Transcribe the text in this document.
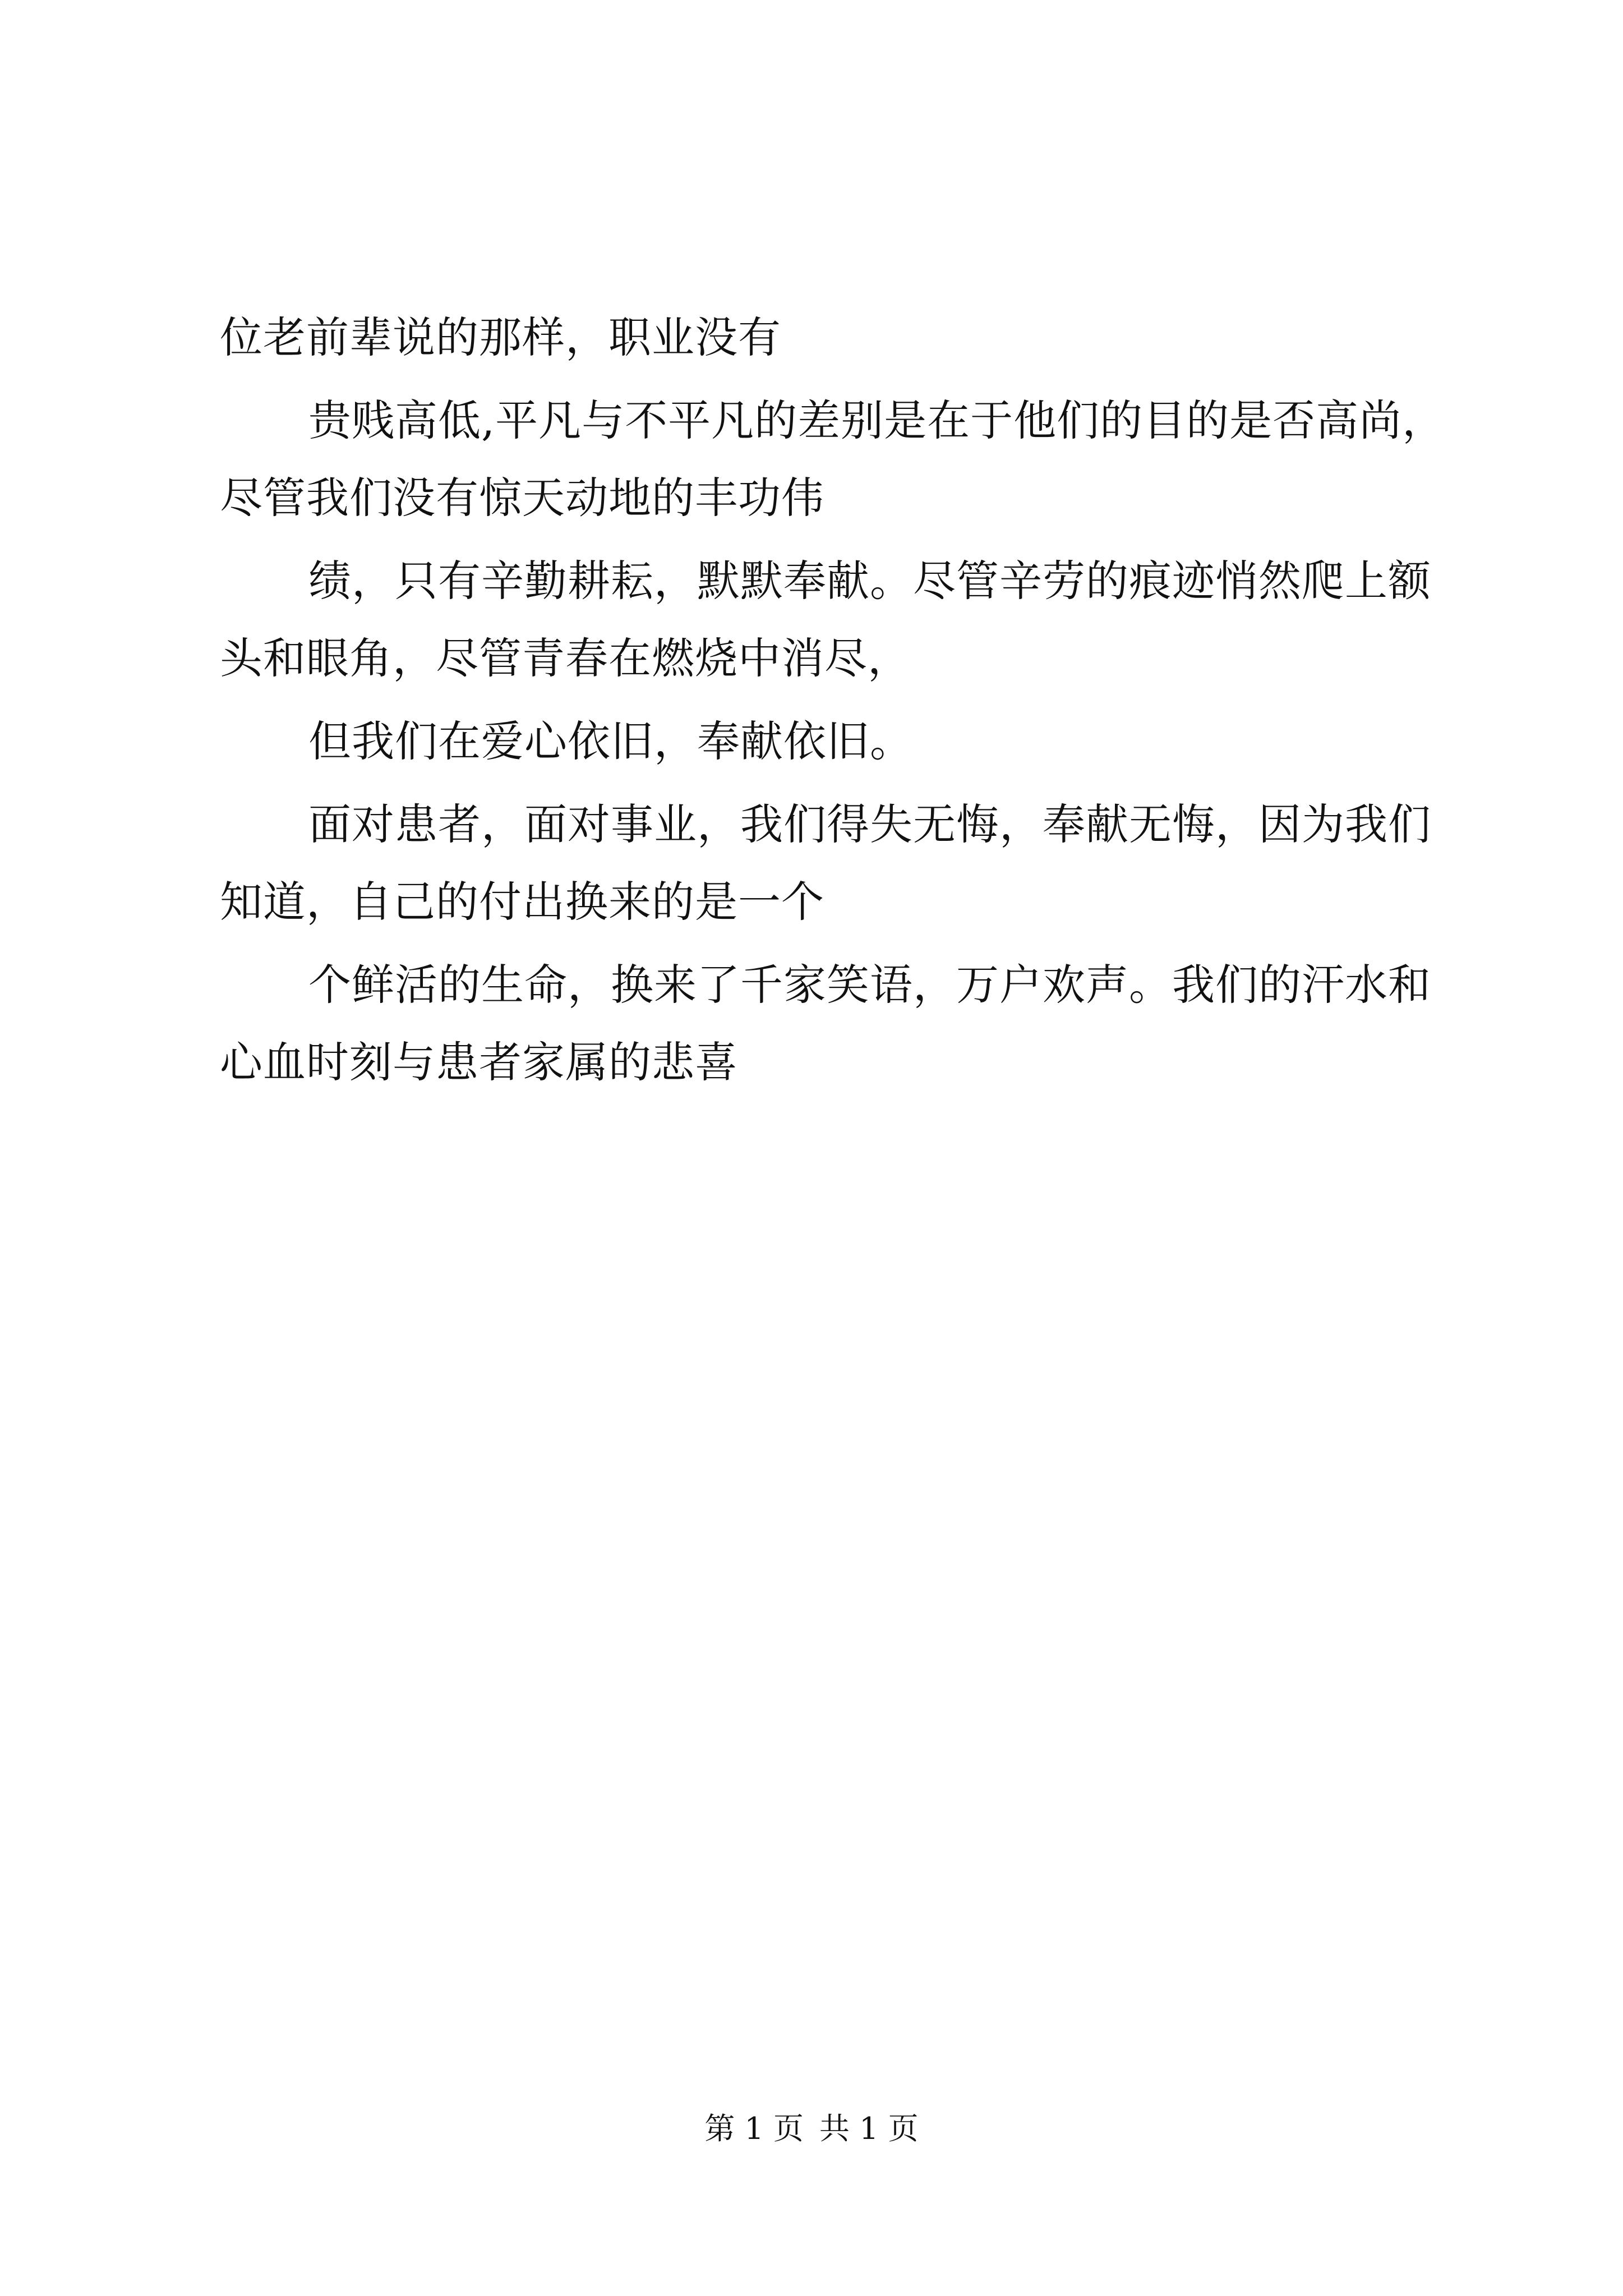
位老前辈说的那样，职业没有
贵贱高低,平凡与不平凡的差别是在于他们的目的是否高尚，
尽管我们没有惊天动地的丰功伟
绩，只有辛勤耕耘，默默奉献。尽管辛劳的痕迹悄然爬上额
头和眼角，尽管青春在燃烧中消尽，
但我们在爱心依旧，奉献依旧。
面对患者，面对事业，我们得失无悔，奉献无悔，因为我们
知道，自己的付出换来的是一个
个鲜活的生命，换来了千家笑语，万户欢声。我们的汗水和
心血时刻与患者家属的悲喜
第 1 页 共 1 页
